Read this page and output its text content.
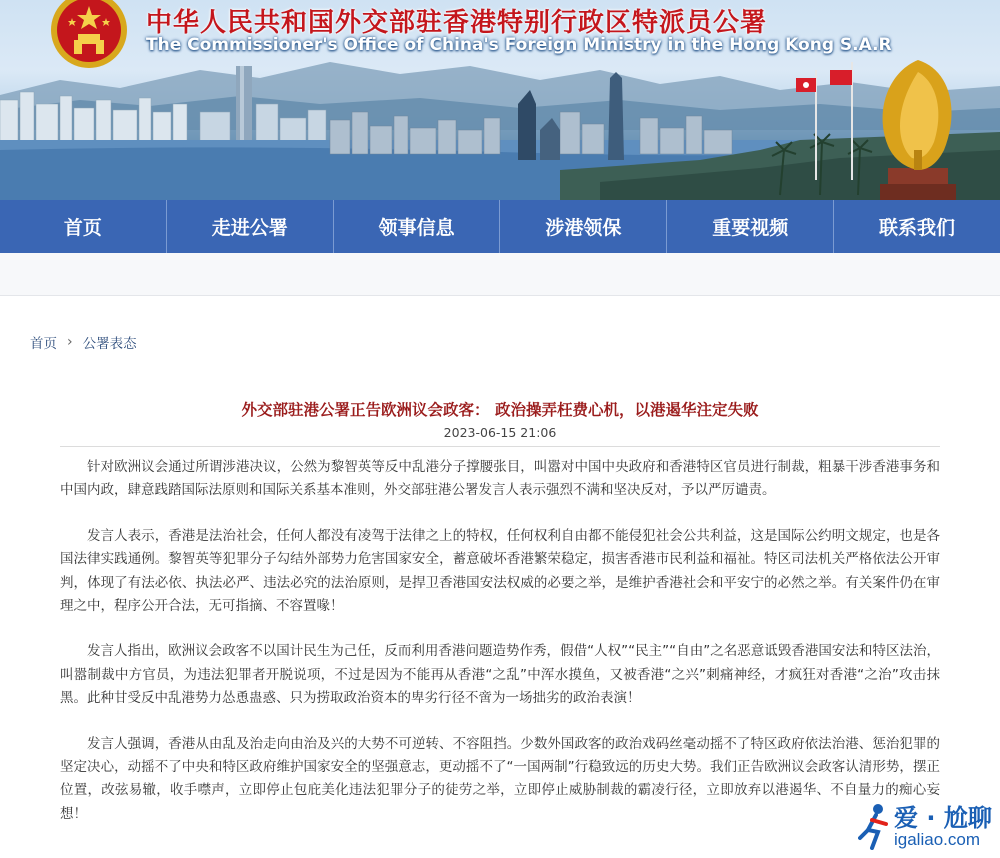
中华人民共和国外交部驻香港特别行政区特派员公署
The Commissioner's Office of China's Foreign Ministry in the Hong Kong S.A.R
首页	走进公署	领事信息	涉港领保	重要视频	联系我们
首页 › 公署表态
外交部驻港公署正告欧洲议会政客： 政治操弄枉费心机，以港遏华注定失败
2023-06-15 21:06

针对欧洲议会通过所谓涉港决议，公然为黎智英等反中乱港分子撑腰张目，叫嚣对中国中央政府和香港特区官员进行制裁，粗暴干涉香港事务和中国内政，肆意践踏国际法原则和国际关系基本准则，外交部驻港公署发言人表示强烈不满和坚决反对，予以严厉谴责。

发言人表示，香港是法治社会，任何人都没有凌驾于法律之上的特权，任何权利自由都不能侵犯社会公共利益，这是国际公约明文规定，也是各国法律实践通例。黎智英等犯罪分子勾结外部势力危害国家安全，蓄意破坏香港繁荣稳定，损害香港市民利益和福祉。特区司法机关严格依法公开审判，体现了有法必依、执法必严、违法必究的法治原则，是捍卫香港国安法权威的必要之举，是维护香港社会和平安宁的必然之举。有关案件仍在审理之中，程序公开合法，无可指摘、不容置喙！

发言人指出，欧洲议会政客不以国计民生为己任，反而利用香港问题造势作秀，假借“人权”“民主”“自由”之名恶意诋毁香港国安法和特区法治，叫嚣制裁中方官员，为违法犯罪者开脱说项，不过是因为不能再从香港“之乱”中浑水摸鱼，又被香港“之兴”刺痛神经，才疯狂对香港“之治”攻击抹黑。此种甘受反中乱港势力怂恿蛊惑、只为捞取政治资本的卑劣行径不啻为一场拙劣的政治表演！

发言人强调，香港从由乱及治走向由治及兴的大势不可逆转、不容阻挡。少数外国政客的政治戏码丝毫动摇不了特区政府依法治港、惩治犯罪的坚定决心，动摇不了中央和特区政府维护国家安全的坚强意志，更动摇不了“一国两制”行稳致远的历史大势。我们正告欧洲议会政客认清形势，摆正位置，改弦易辙，收手噤声，立即停止包庇美化违法犯罪分子的徒劳之举，立即停止威胁制裁的霸凌行径，立即放弃以港遏华、不自量力的痴心妄想！	爱 · 尬聊
igaliao.com
